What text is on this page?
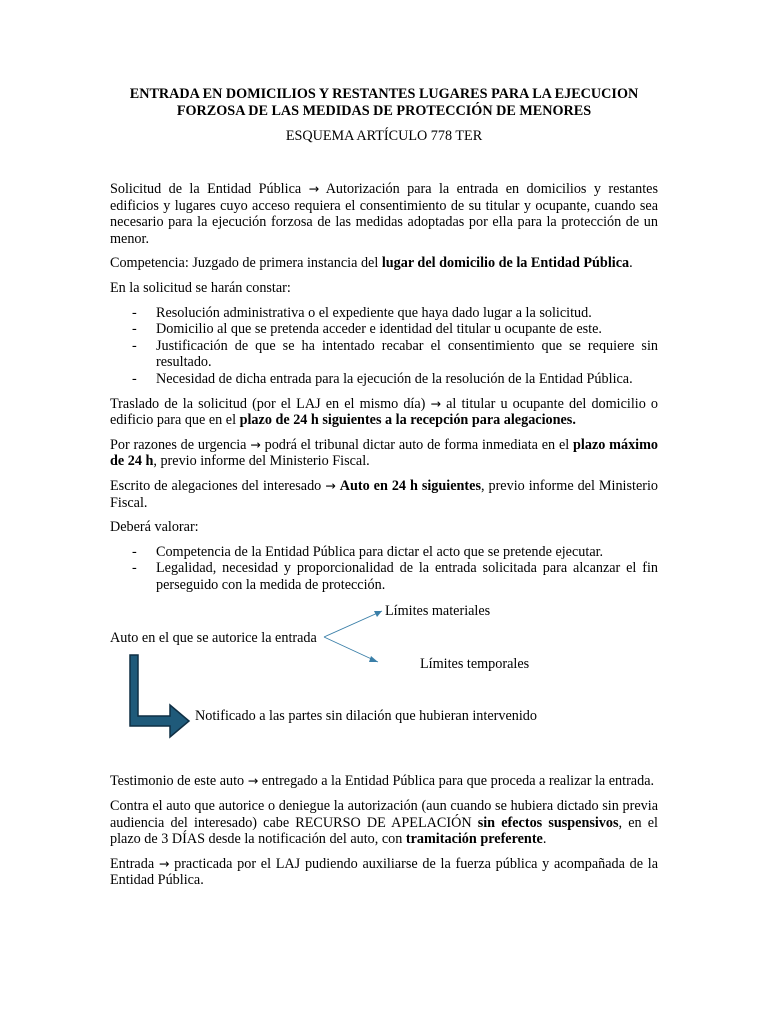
ENTRADA EN DOMICILIOS Y RESTANTES LUGARES PARA LA EJECUCION
FORZOSA DE LAS MEDIDAS DE PROTECCIÓN DE MENORES
ESQUEMA ARTÍCULO 778 TER

Solicitud de la Entidad Pública → Autorización para la entrada en domicilios y restantes edificios y lugares cuyo acceso requiera el consentimiento de su titular y ocupante, cuando sea necesario para la ejecución forzosa de las medidas adoptadas por ella para la protección de un menor.

Competencia: Juzgado de primera instancia del lugar del domicilio de la Entidad Pública.

En la solicitud se harán constar:

- Resolución administrativa o el expediente que haya dado lugar a la solicitud.
- Domicilio al que se pretenda acceder e identidad del titular u ocupante de este.
- Justificación de que se ha intentado recabar el consentimiento que se requiere sin resultado.
- Necesidad de dicha entrada para la ejecución de la resolución de la Entidad Pública.

Traslado de la solicitud (por el LAJ en el mismo día) → al titular u ocupante del domicilio o edificio para que en el plazo de 24 h siguientes a la recepción para alegaciones.

Por razones de urgencia → podrá el tribunal dictar auto de forma inmediata en el plazo máximo de 24 h, previo informe del Ministerio Fiscal.

Escrito de alegaciones del interesado → Auto en 24 h siguientes, previo informe del Ministerio Fiscal.

Deberá valorar:

- Competencia de la Entidad Pública para dictar el acto que se pretende ejecutar.
- Legalidad, necesidad y proporcionalidad de la entrada solicitada para alcanzar el fin perseguido con la medida de protección.
Límites materiales
Auto en el que se autorice la entrada
Límites temporales
Notificado a las partes sin dilación que hubieran intervenido

Testimonio de este auto → entregado a la Entidad Pública para que proceda a realizar la entrada.

Contra el auto que autorice o deniegue la autorización (aun cuando se hubiera dictado sin previa audiencia del interesado) cabe RECURSO DE APELACIÓN sin efectos suspensivos, en el plazo de 3 DÍAS desde la notificación del auto, con tramitación preferente.

Entrada → practicada por el LAJ pudiendo auxiliarse de la fuerza pública y acompañada de la Entidad Pública.
